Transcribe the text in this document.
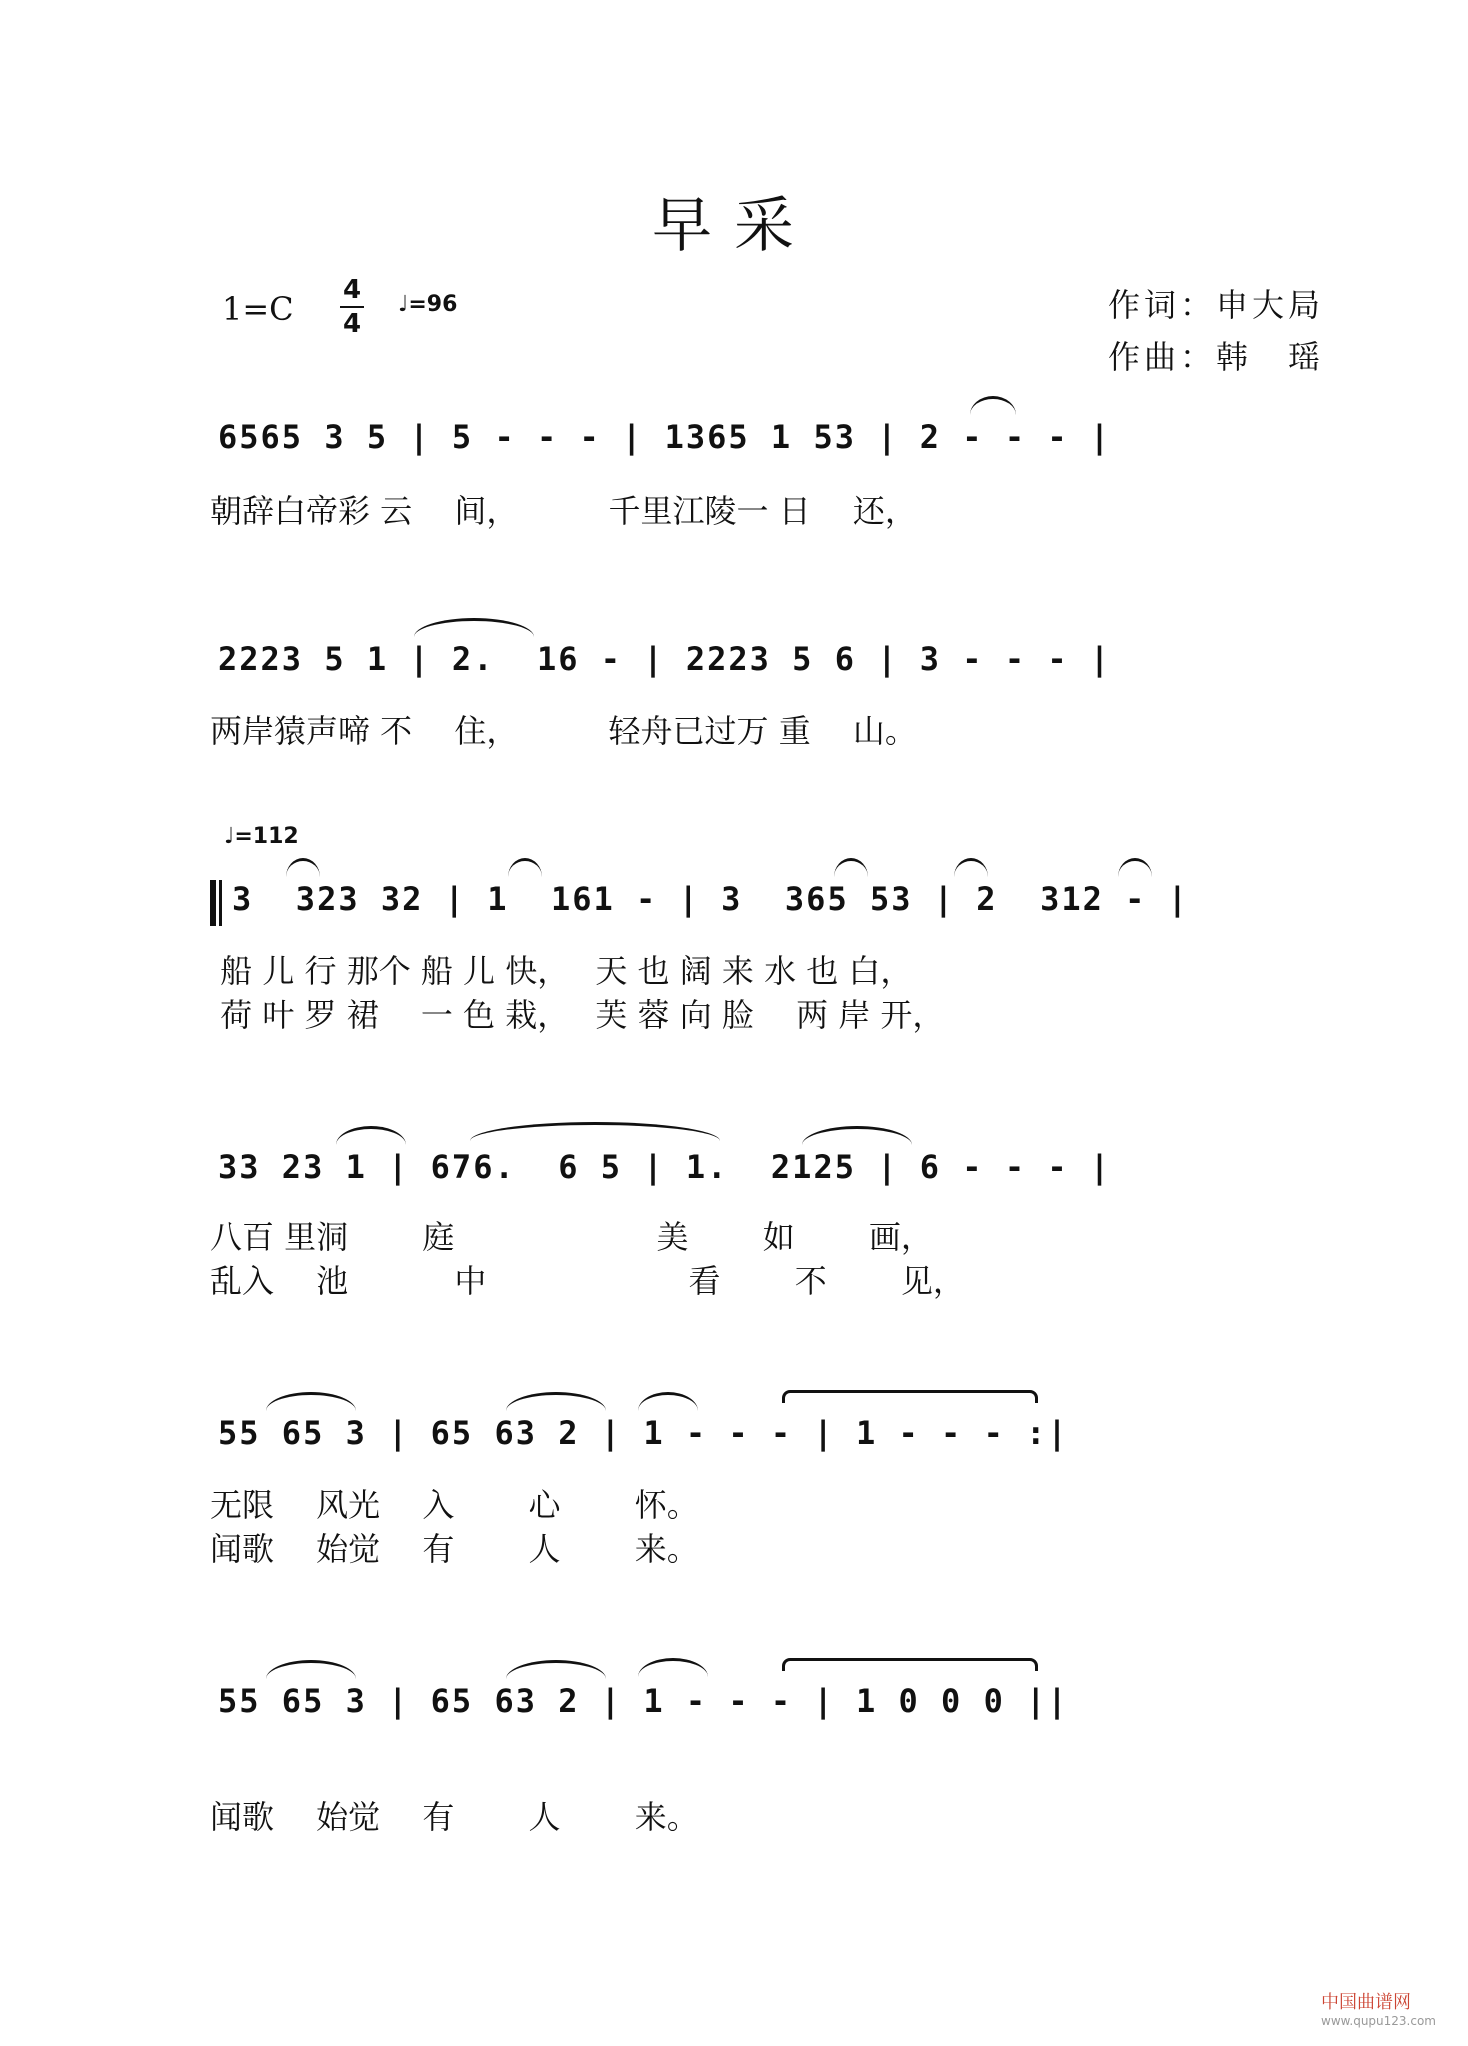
早采
1=C 4
4
♩=96	作词：申大局
作曲：韩　瑶
6565 3 5 | 5 - - - | 1365 1 53 | 2 - - - |
朝辞白帝彩 云　 间，　　　 千里江陵一 日　 还，
2223 5 1 | 2.  16 - | 2223 5 6 | 3 - - - |
两岸猿声啼 不　 住，　　　 轻舟已过万 重　 山。
♩=112
3  323 32 | 1  161 - | 3  365 53 | 2  312 - |
船 儿 行 那个 船 儿 快，　 天 也 阔 来 水 也 白，
荷 叶 罗 裙 　一 色 栽，　 芙 蓉 向 脸 　两 岸 开，
33 23 1 | 676.  6 5 | 1.  2125 | 6 - - - |
八百 里洞　　 庭　　　　　　 美　　 如　　 画，
乱入　 池　　　 中　　　　　　 看　　 不　　 见，
55 65 3 | 65 63 2 | 1 - - - | 1 - - - :|
无限　 风光　 入　　 心　　 怀。
闻歌　 始觉　 有　　 人　　 来。
55 65 3 | 65 63 2 | 1 - - - | 1 0 0 0 ||
闻歌　 始觉　 有　　 人　　 来。
中国曲谱网
www.qupu123.com
